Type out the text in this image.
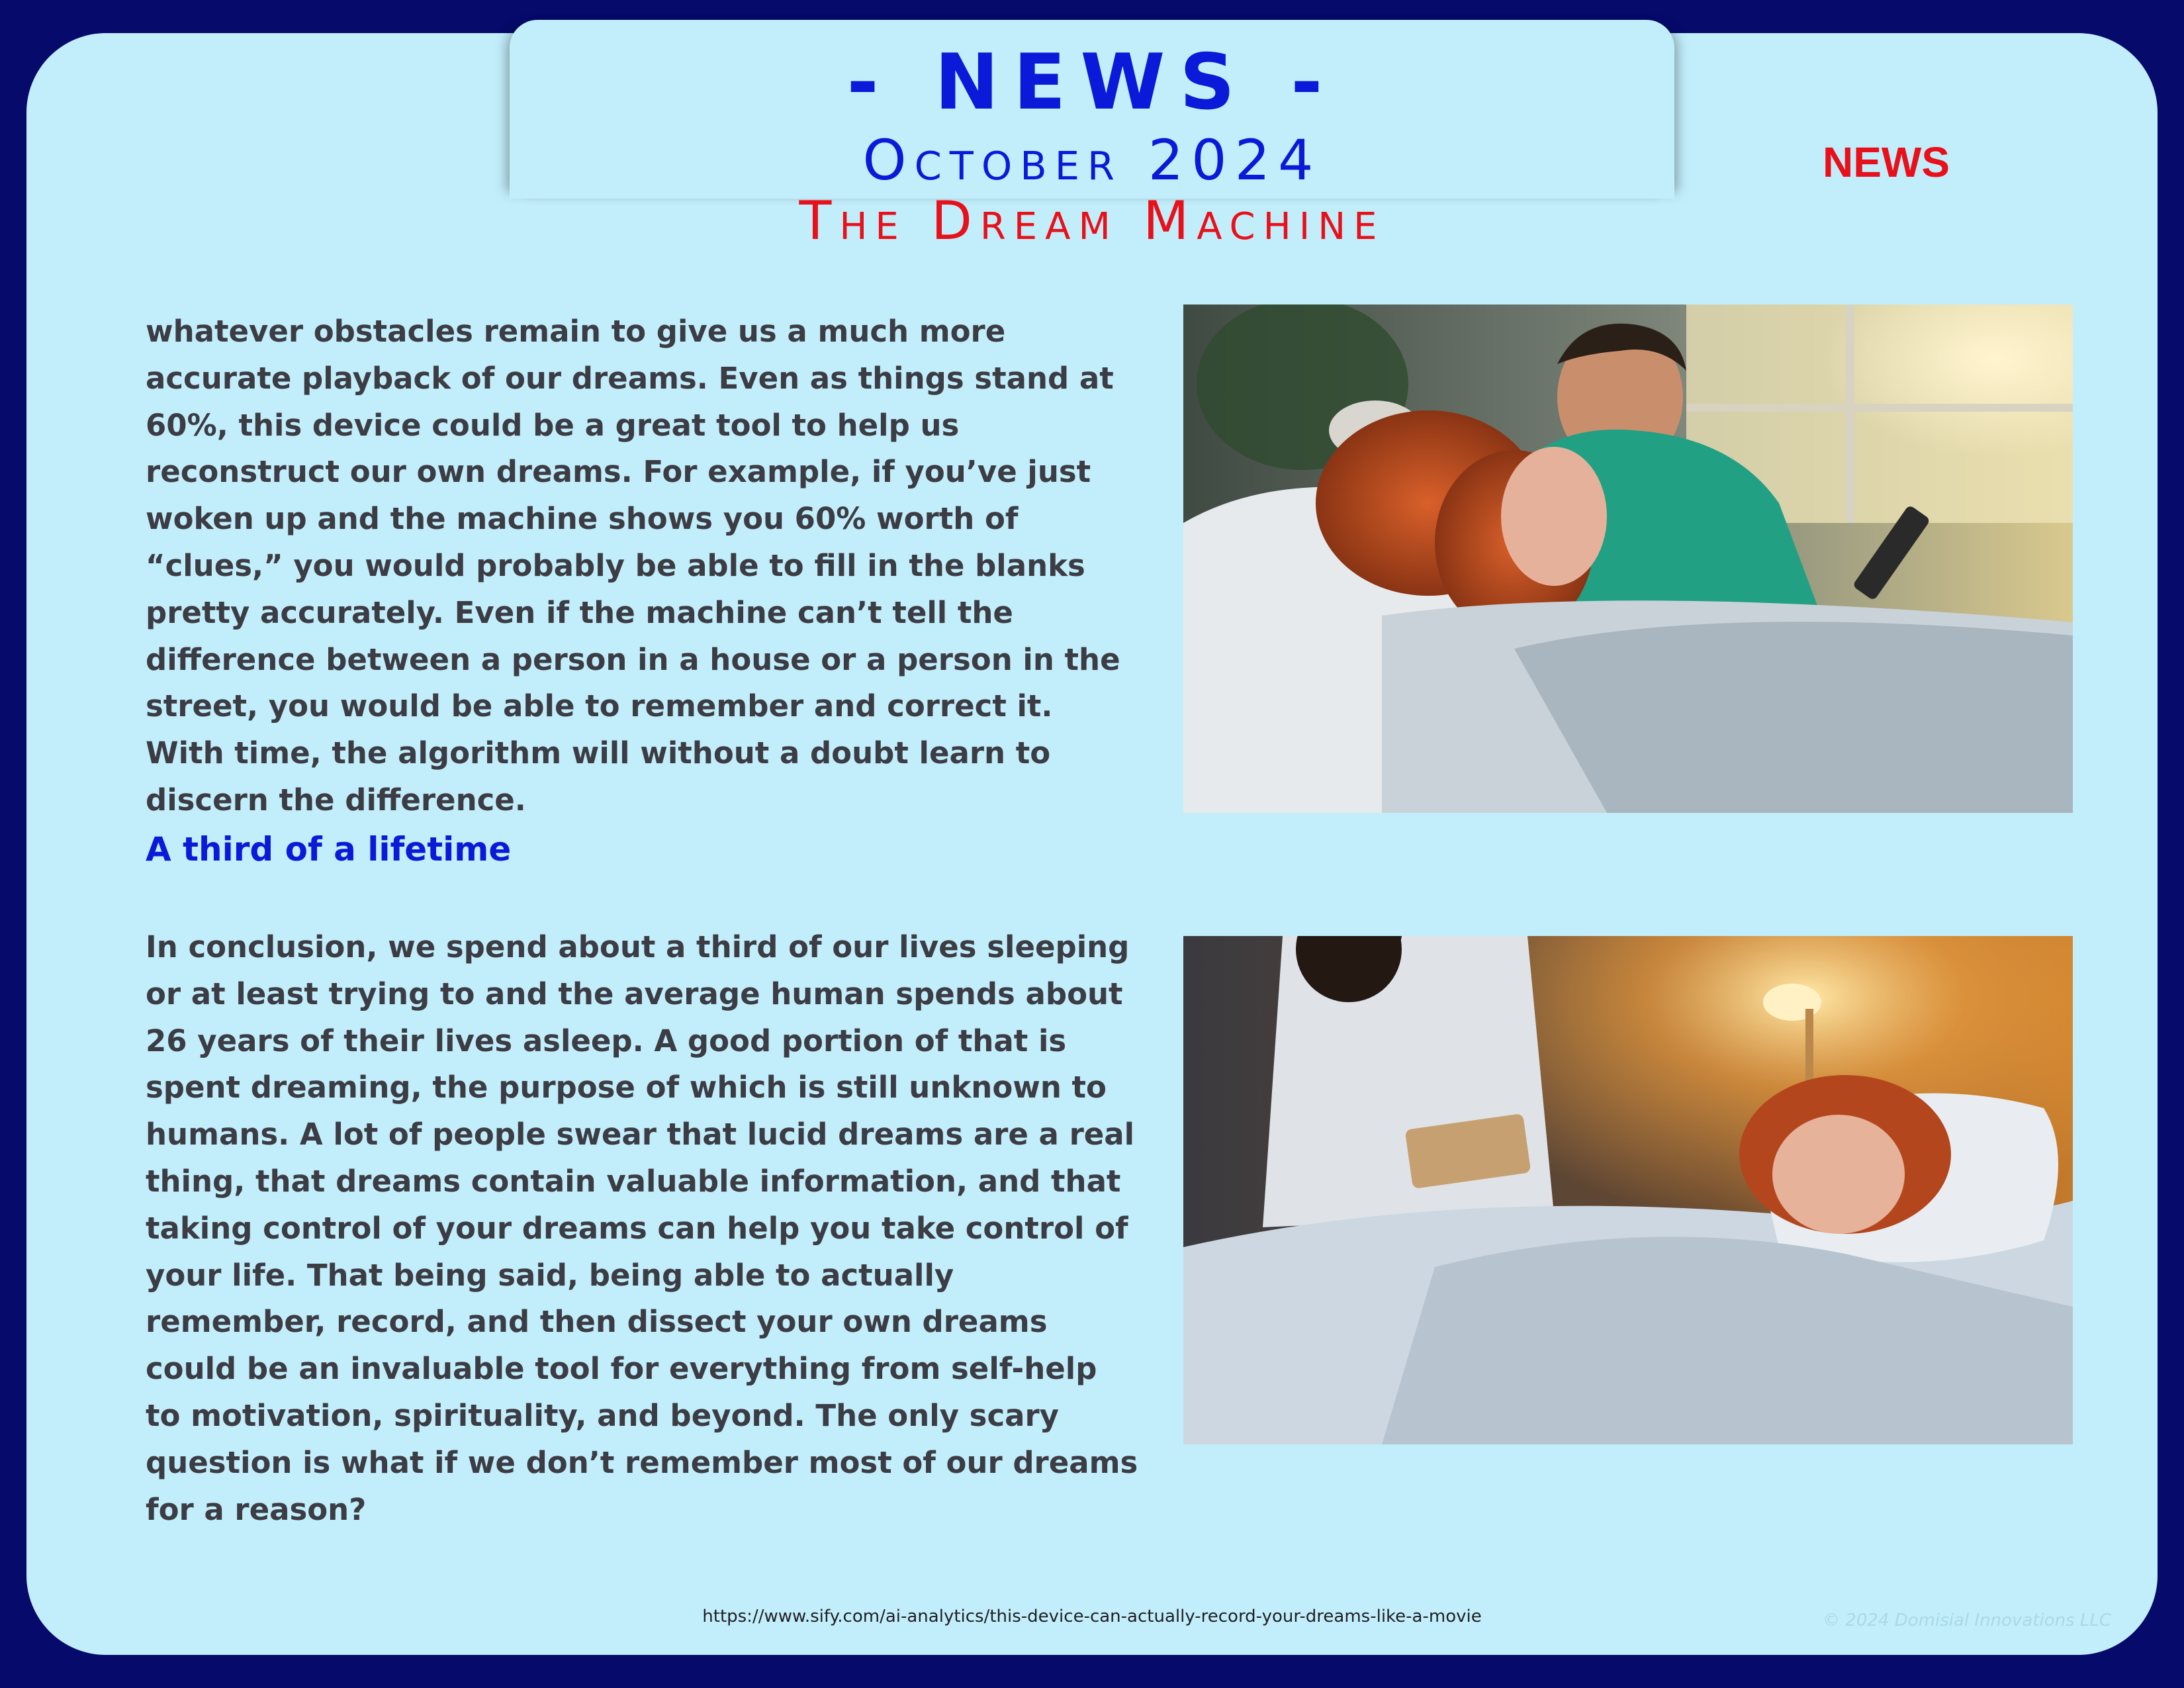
- NEWS -
October 2024
The Dream Machine
NEWS

whatever obstacles remain to give us a much more accurate playback of our dreams. Even as things stand at 60%, this device could be a great tool to help us reconstruct our own dreams. For example, if you’ve just woken up and the machine shows you 60% worth of “clues,” you would probably be able to fill in the blanks pretty accurately. Even if the machine can’t tell the difference between a person in a house or a person in the street, you would be able to remember and correct it. With time, the algorithm will without a doubt learn to discern the difference.

A third of a lifetime

In conclusion, we spend about a third of our lives sleeping or at least trying to and the average human spends about 26 years of their lives asleep. A good portion of that is spent dreaming, the purpose of which is still unknown to humans. A lot of people swear that lucid dreams are a real thing, that dreams contain valuable information, and that taking control of your dreams can help you take control of your life. That being said, being able to actually remember, record, and then dissect your own dreams could be an invaluable tool for everything from self-help to motivation, spirituality, and beyond. The only scary question is what if we don’t remember most of our dreams for a reason?

https://www.sify.com/ai-analytics/this-device-can-actually-record-your-dreams-like-a-movie	© 2024 Domisial Innovations LLC
